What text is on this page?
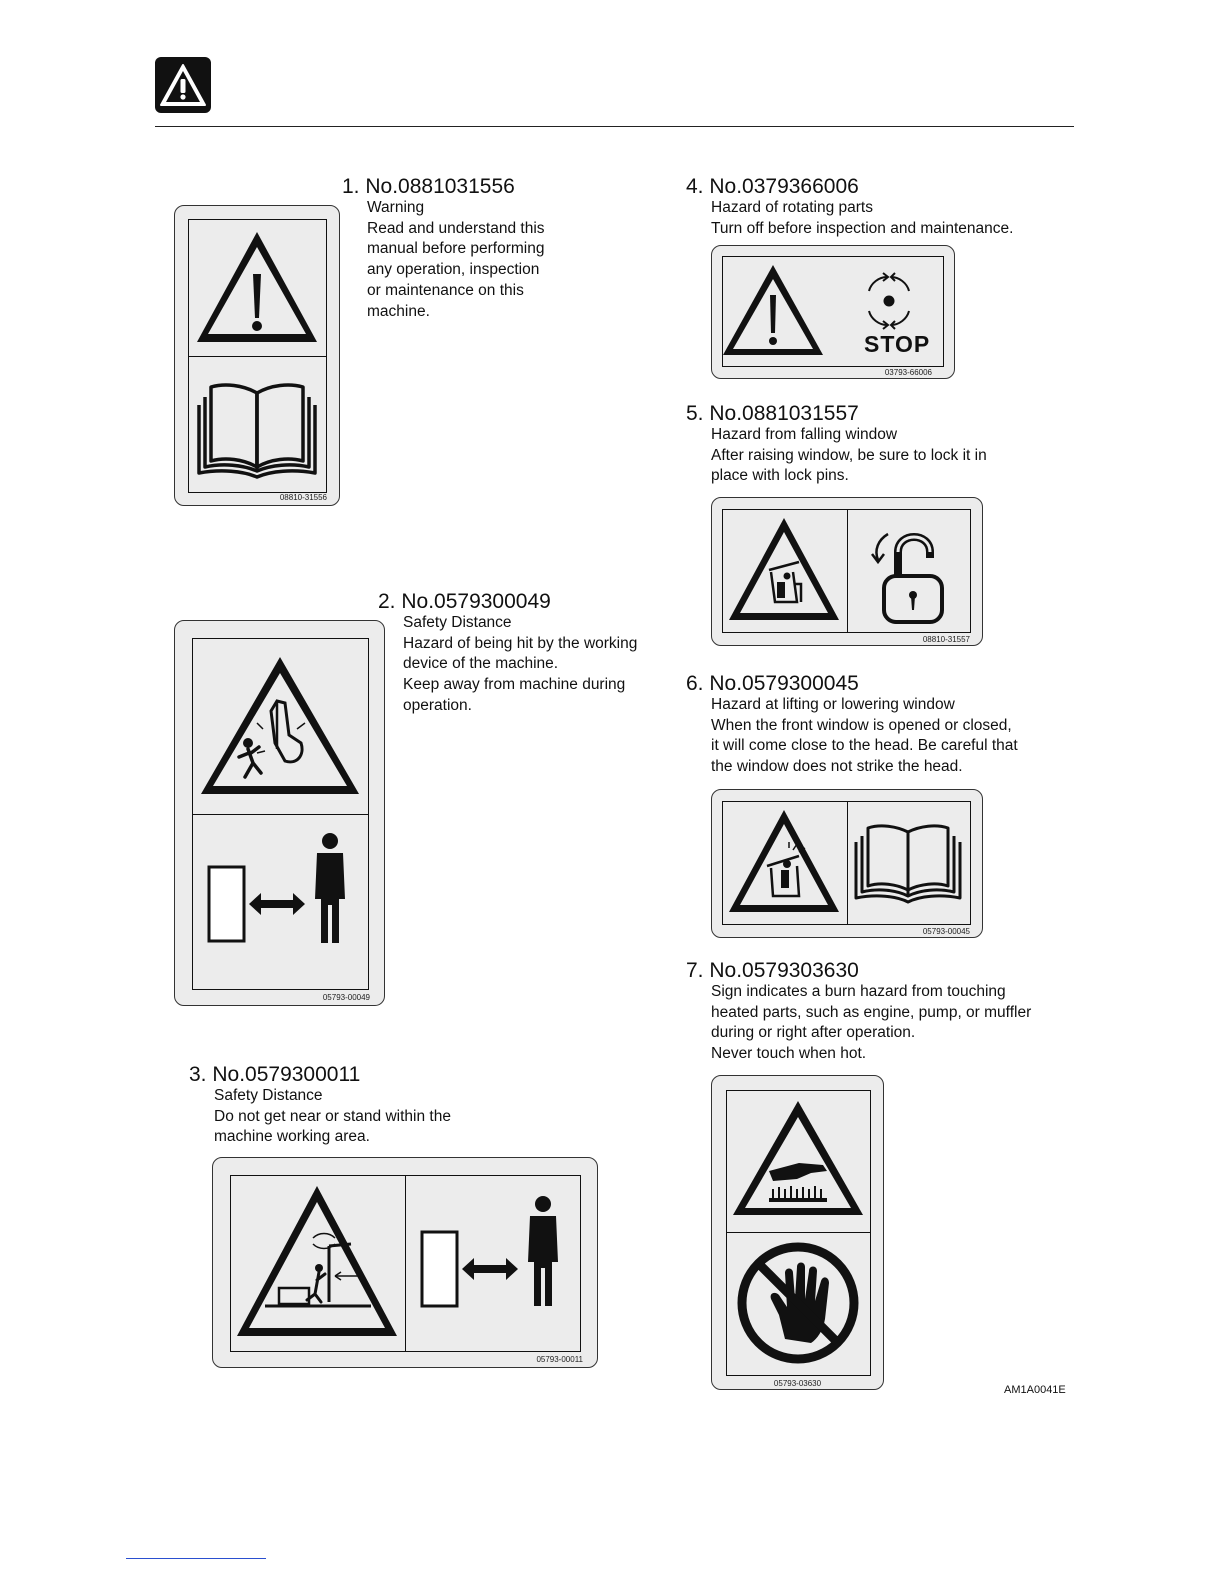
1. No.0881031556
Warning
Read and understand this
manual before performing
any operation, inspection
or maintenance on this
machine.
08810-31556
2. No.0579300049
Safety Distance
Hazard of being hit by the working
device of the machine.
Keep away from machine during
operation.
05793-00049
3. No.0579300011
Safety Distance
Do not get near or stand within the
machine working area.
05793-00011
4. No.0379366006
Hazard of rotating parts
Turn off before inspection and maintenance.
STOP
03793-66006
5. No.0881031557
Hazard from falling window
After raising window, be sure to lock it in
place with lock pins.
08810-31557
6. No.0579300045
Hazard at lifting or lowering window
When the front window is opened or closed,
it will come close to the head. Be careful that
the window does not strike the head.
05793-00045
7. No.0579303630
Sign indicates a burn hazard from touching
heated parts, such as engine, pump, or muffler
during or right after operation.
Never touch when hot.
05793-03630
AM1A0041E
